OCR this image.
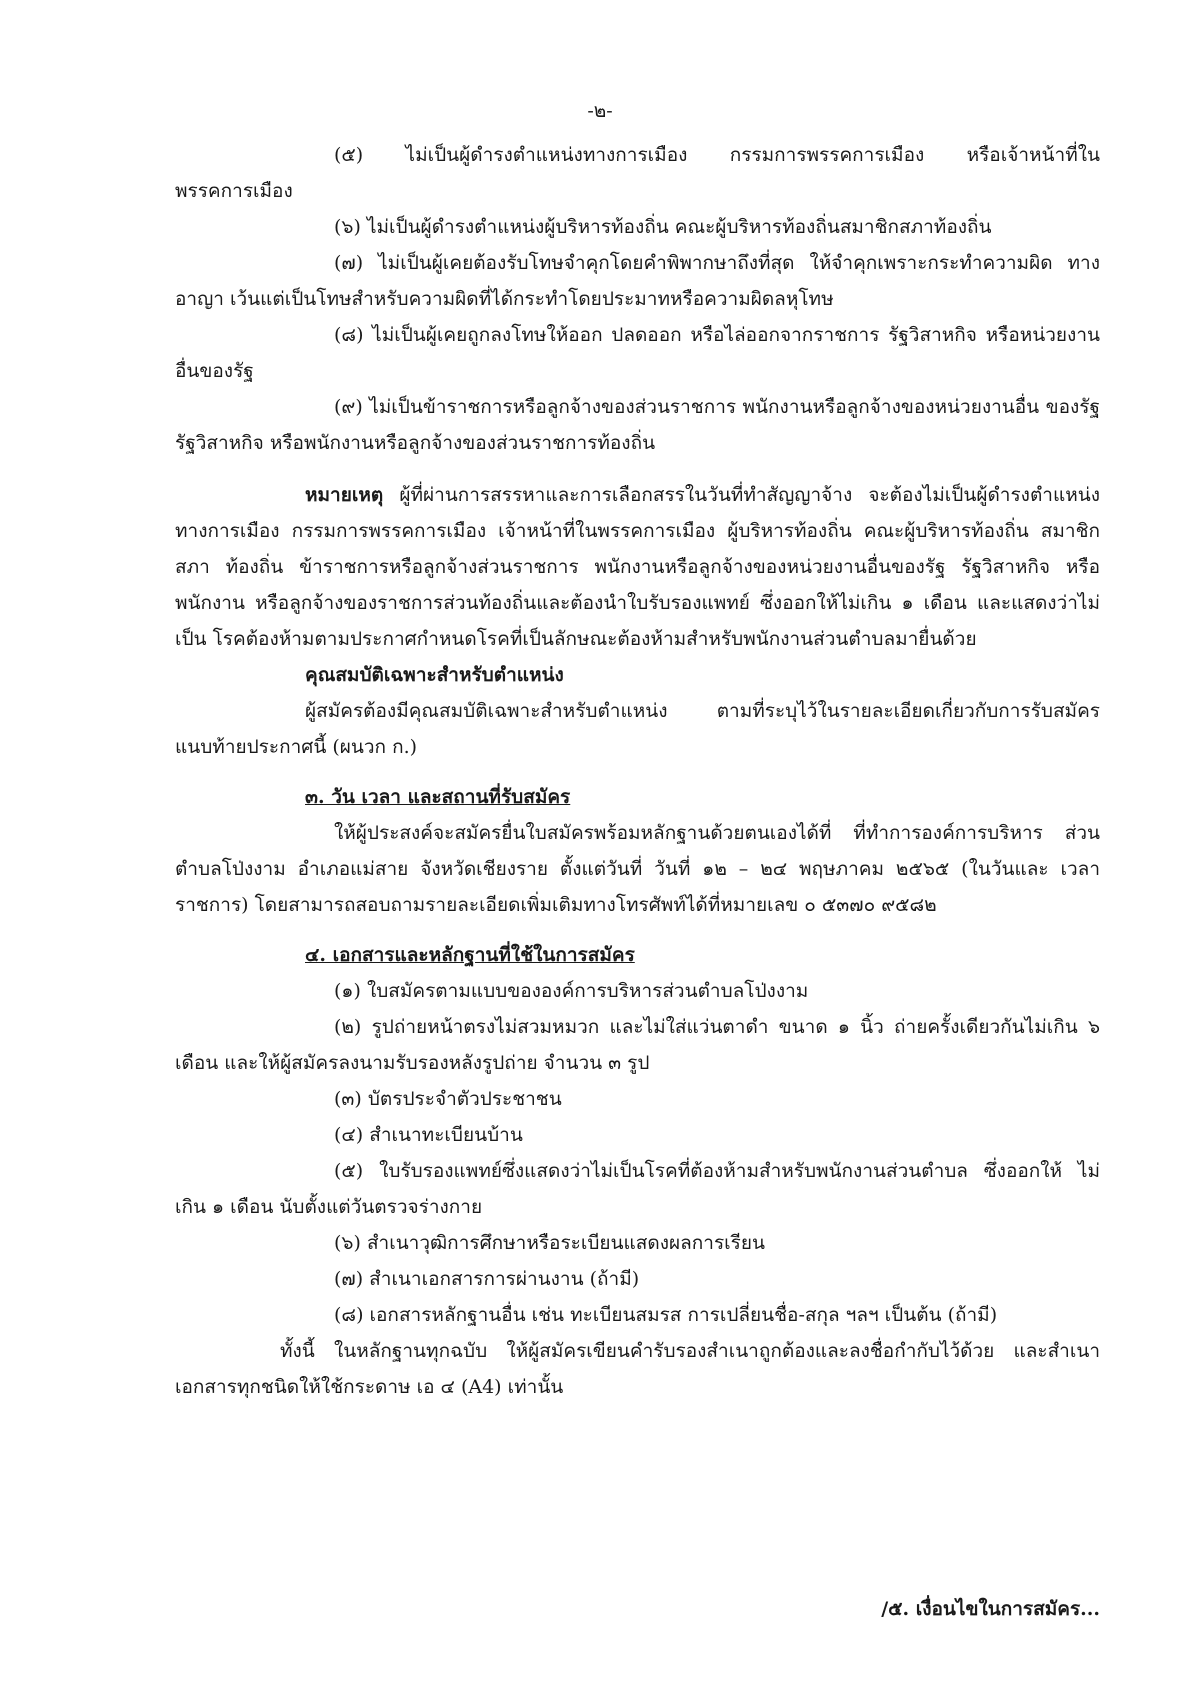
-๒-

(๕) ไม่เป็นผู้ดำรงตำแหน่งทางการเมือง กรรมการพรรคการเมือง หรือเจ้าหน้าที่ในพรรคการเมือง

(๖) ไม่เป็นผู้ดำรงตำแหน่งผู้บริหารท้องถิ่น คณะผู้บริหารท้องถิ่นสมาชิกสภาท้องถิ่น

(๗) ไม่เป็นผู้เคยต้องรับโทษจำคุกโดยคำพิพากษาถึงที่สุด ให้จำคุกเพราะกระทำความผิด ทางอาญา เว้นแต่เป็นโทษสำหรับความผิดที่ได้กระทำโดยประมาทหรือความผิดลหุโทษ

(๘) ไม่เป็นผู้เคยถูกลงโทษให้ออก ปลดออก หรือไล่ออกจากราชการ รัฐวิสาหกิจ หรือหน่วยงาน อื่นของรัฐ

(๙) ไม่เป็นข้าราชการหรือลูกจ้างของส่วนราชการ พนักงานหรือลูกจ้างของหน่วยงานอื่น ของรัฐ รัฐวิสาหกิจ หรือพนักงานหรือลูกจ้างของส่วนราชการท้องถิ่น

หมายเหตุ ผู้ที่ผ่านการสรรหาและการเลือกสรรในวันที่ทำสัญญาจ้าง จะต้องไม่เป็นผู้ดำรงตำแหน่ง ทางการเมือง กรรมการพรรคการเมือง เจ้าหน้าที่ในพรรคการเมือง ผู้บริหารท้องถิ่น คณะผู้บริหารท้องถิ่น สมาชิกสภา ท้องถิ่น ข้าราชการหรือลูกจ้างส่วนราชการ พนักงานหรือลูกจ้างของหน่วยงานอื่นของรัฐ รัฐวิสาหกิจ หรือพนักงาน หรือลูกจ้างของราชการส่วนท้องถิ่นและต้องนำใบรับรองแพทย์ ซึ่งออกให้ไม่เกิน ๑ เดือน และแสดงว่าไม่เป็น โรคต้องห้ามตามประกาศกำหนดโรคที่เป็นลักษณะต้องห้ามสำหรับพนักงานส่วนตำบลมายื่นด้วย

คุณสมบัติเฉพาะสำหรับตำแหน่ง

ผู้สมัครต้องมีคุณสมบัติเฉพาะสำหรับตำแหน่ง ตามที่ระบุไว้ในรายละเอียดเกี่ยวกับการรับสมัคร แนบท้ายประกาศนี้ (ผนวก ก.)

๓. วัน เวลา และสถานที่รับสมัคร

ให้ผู้ประสงค์จะสมัครยื่นใบสมัครพร้อมหลักฐานด้วยตนเองได้ที่ ที่ทำการองค์การบริหาร ส่วนตำบลโป่งงาม อำเภอแม่สาย จังหวัดเชียงราย ตั้งแต่วันที่ วันที่ ๑๒ – ๒๔ พฤษภาคม ๒๕๖๕ (ในวันและ เวลาราชการ) โดยสามารถสอบถามรายละเอียดเพิ่มเติมทางโทรศัพท์ได้ที่หมายเลข ๐ ๕๓๗๐ ๙๕๘๒

๔. เอกสารและหลักฐานที่ใช้ในการสมัคร

(๑) ใบสมัครตามแบบขององค์การบริหารส่วนตำบลโป่งงาม

(๒) รูปถ่ายหน้าตรงไม่สวมหมวก และไม่ใส่แว่นตาดำ ขนาด ๑ นิ้ว ถ่ายครั้งเดียวกันไม่เกิน ๖ เดือน และให้ผู้สมัครลงนามรับรองหลังรูปถ่าย จำนวน ๓ รูป

(๓) บัตรประจำตัวประชาชน

(๔) สำเนาทะเบียนบ้าน

(๕) ใบรับรองแพทย์ซึ่งแสดงว่าไม่เป็นโรคที่ต้องห้ามสำหรับพนักงานส่วนตำบล ซึ่งออกให้ ไม่เกิน ๑ เดือน นับตั้งแต่วันตรวจร่างกาย

(๖) สำเนาวุฒิการศึกษาหรือระเบียนแสดงผลการเรียน

(๗) สำเนาเอกสารการผ่านงาน (ถ้ามี)

(๘) เอกสารหลักฐานอื่น เช่น ทะเบียนสมรส การเปลี่ยนชื่อ-สกุล ฯลฯ เป็นต้น (ถ้ามี)

ทั้งนี้ ในหลักฐานทุกฉบับ ให้ผู้สมัครเขียนคำรับรองสำเนาถูกต้องและลงชื่อกำกับไว้ด้วย และสำเนาเอกสารทุกชนิดให้ใช้กระดาษ เอ ๔ (A4) เท่านั้น

/๕. เงื่อนไขในการสมัคร...
